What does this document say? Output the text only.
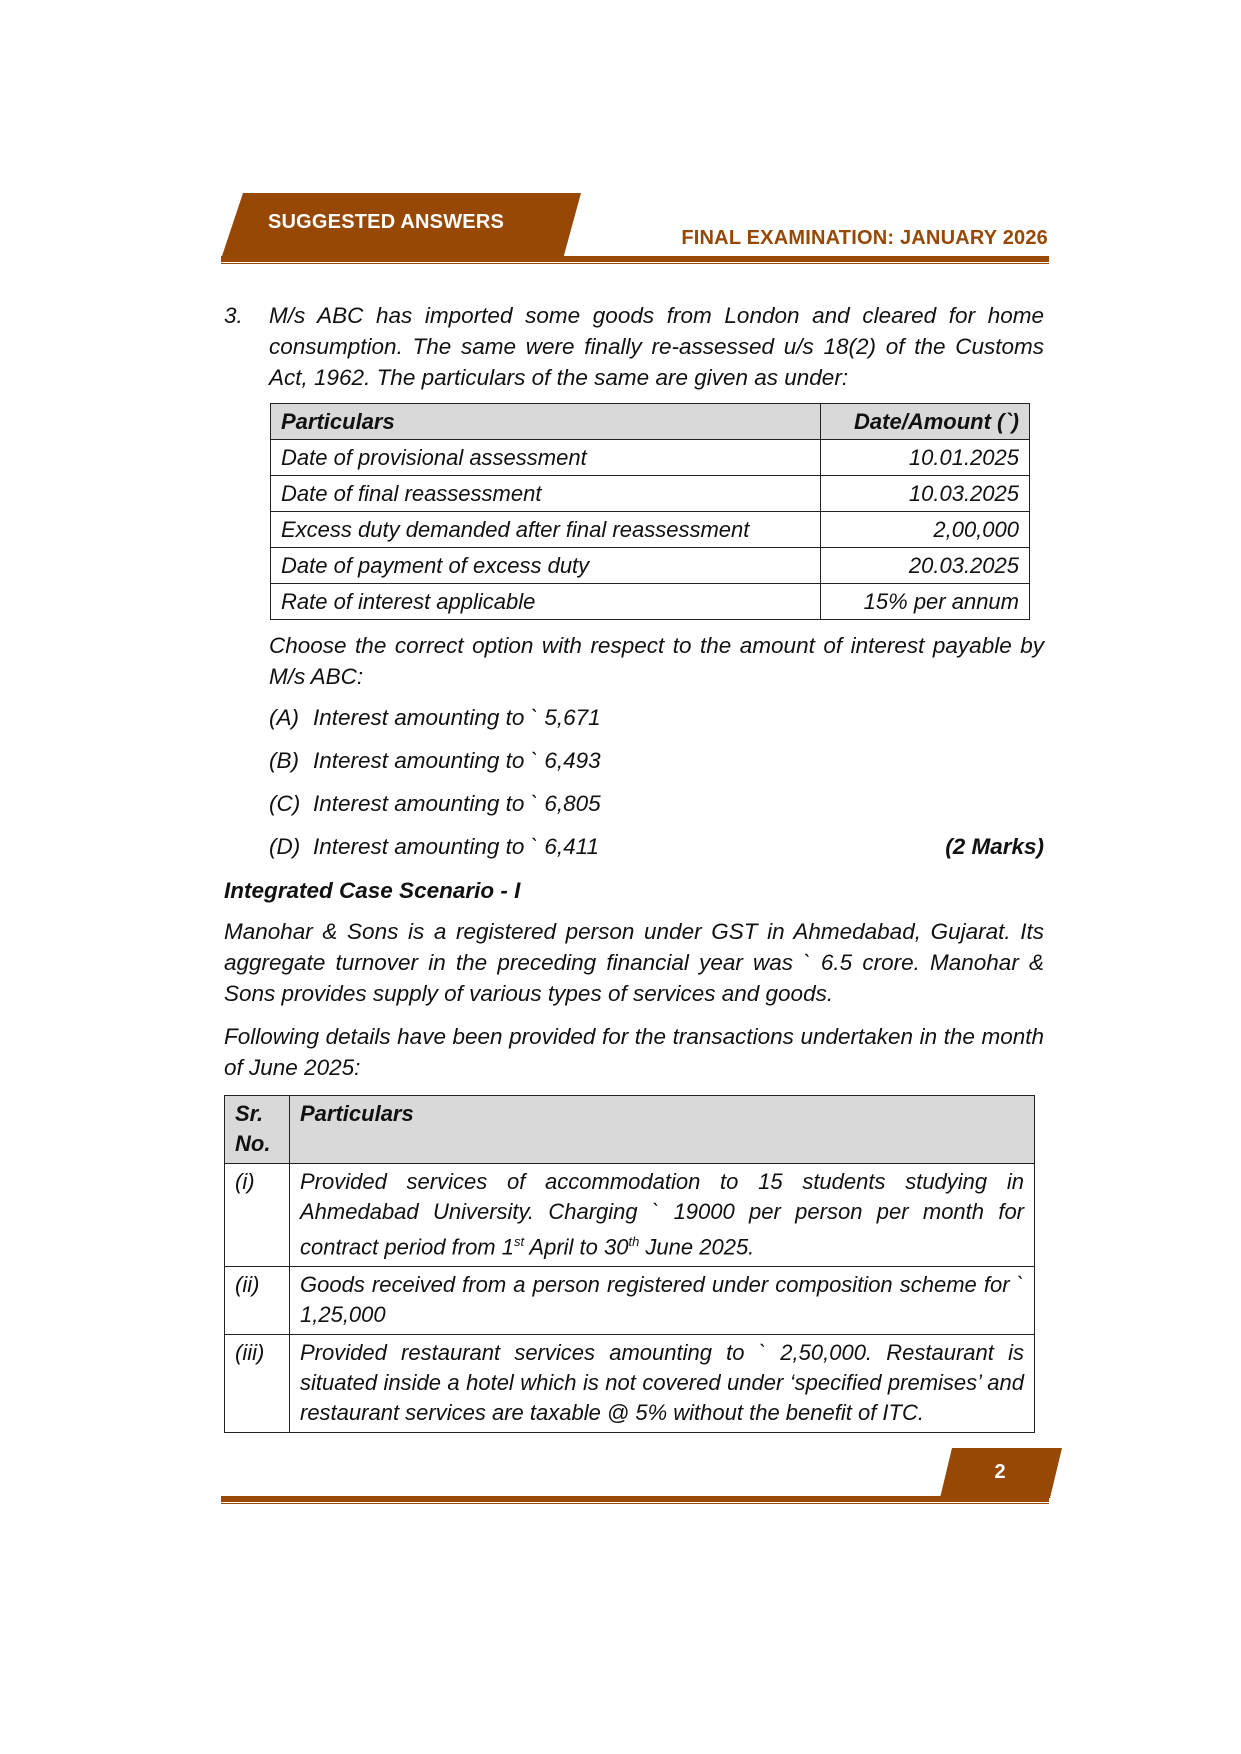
SUGGESTED ANSWERS
FINAL EXAMINATION: JANUARY 2026
3.	M/s ABC has imported some goods from London and cleared for home consumption. The same were finally re-assessed u/s 18(2) of the Customs Act, 1962. The particulars of the same are given as under:

Particulars	Date/Amount (`)
Date of provisional assessment	10.01.2025
Date of final reassessment	10.03.2025
Excess duty demanded after final reassessment	2,00,000
Date of payment of excess duty	20.03.2025
Rate of interest applicable	15% per annum

Choose the correct option with respect to the amount of interest payable by M/s ABC:

(A) Interest amounting to ` 5,671
(B) Interest amounting to ` 6,493
(C) Interest amounting to ` 6,805
(D) Interest amounting to ` 6,411	(2 Marks)
Integrated Case Scenario - I

Manohar & Sons is a registered person under GST in Ahmedabad, Gujarat. Its aggregate turnover in the preceding financial year was ` 6.5 crore. Manohar & Sons provides supply of various types of services and goods.

Following details have been provided for the transactions undertaken in the month of June 2025:

Sr.
No.	Particulars
(i)	Provided services of accommodation to 15 students studying in Ahmedabad University. Charging ` 19000 per person per month for contract period from 1st April to 30th June 2025.
(ii)	Goods received from a person registered under composition scheme for ` 1,25,000
(iii)	Provided restaurant services amounting to ` 2,50,000. Restaurant is situated inside a hotel which is not covered under ‘specified premises’ and restaurant services are taxable @ 5% without the benefit of ITC.
2
